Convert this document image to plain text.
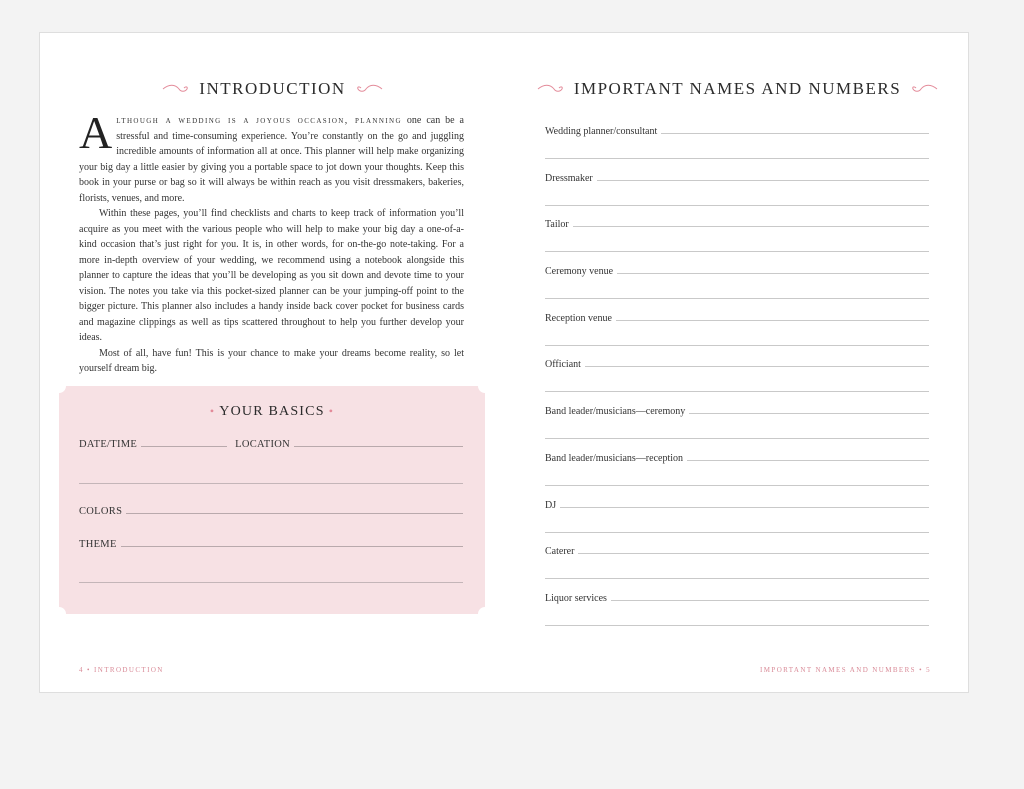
INTRODUCTION

Although a wedding is a joyous occasion, planning one can be a stressful and time-consuming experience. You’re constantly on the go and juggling incredible amounts of information all at once. This planner will help make organizing your big day a little easier by giving you a portable space to jot down your thoughts. Keep this book in your purse or bag so it will always be within reach as you visit dressmakers, bakeries, florists, venues, and more.

Within these pages, you’ll find checklists and charts to keep track of information you’ll acquire as you meet with the various people who will help to make your big day a one-of-a-kind occasion that’s just right for you. It is, in other words, for on-the-go note-taking. For a more in-depth overview of your wedding, we recommend using a notebook alongside this planner to capture the ideas that you’ll be developing as you sit down and devote time to your vision. The notes you take via this pocket-sized planner can be your jumping-off point to the bigger picture. This planner also includes a handy inside back cover pocket for business cards and magazine clippings as well as tips scattered throughout to help you further develop your ideas.

Most of all, have fun! This is your chance to make your dreams become reality, so let yourself dream big.

• YOUR BASICS •
DATE/TIME	LOCATION
COLORS
THEME
4 • INTRODUCTION
IMPORTANT NAMES AND NUMBERS
Wedding planner/consultant
Dressmaker
Tailor
Ceremony venue
Reception venue
Officiant
Band leader/musicians—ceremony
Band leader/musicians—reception
DJ
Caterer
Liquor services
IMPORTANT NAMES AND NUMBERS • 5
